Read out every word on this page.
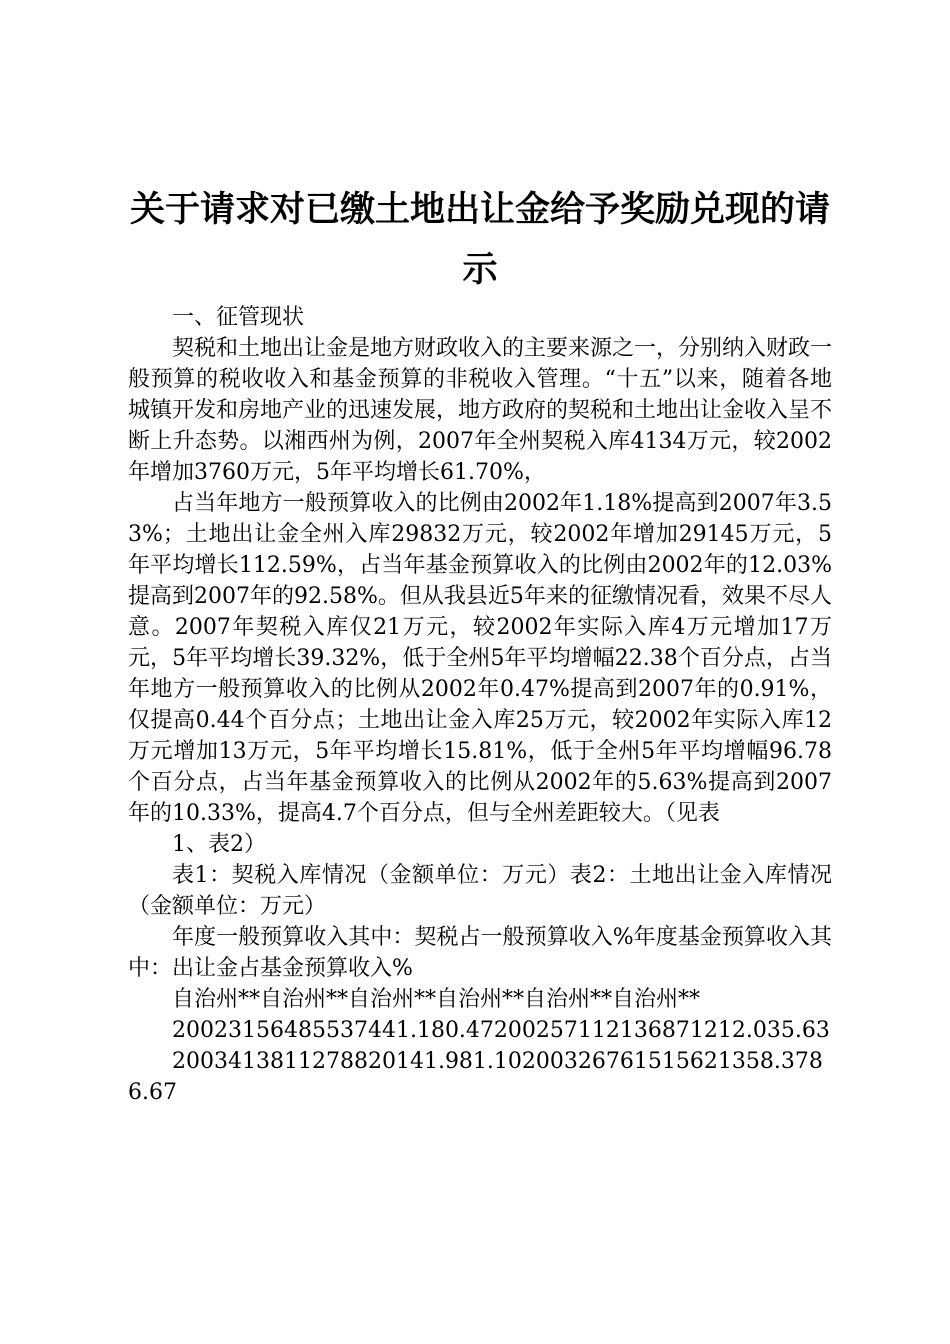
关于请求对已缴土地出让金给予奖励兑现的请
示

一、征管现状

契税和土地出让金是地方财政收入的主要来源之一，分别纳入财政一般预算的税收收入和基金预算的非税收入管理。“十五”以来，随着各地城镇开发和房地产业的迅速发展，地方政府的契税和土地出让金收入呈不断上升态势。以湘西州为例，2007年全州契税入库4134万元，较2002年增加3760万元，5年平均增长61.70%，

占当年地方一般预算收入的比例由2002年1.18%提高到2007年3.53%；土地出让金全州入库29832万元，较2002年增加29145万元，5年平均增长112.59%，占当年基金预算收入的比例由2002年的12.03%提高到2007年的92.58%。但从我县近5年来的征缴情况看，效果不尽人意。2007年契税入库仅21万元，较2002年实际入库4万元增加17万元，5年平均增长39.32%，低于全州5年平均增幅22.38个百分点，占当年地方一般预算收入的比例从2002年0.47%提高到2007年的0.91%，仅提高0.44个百分点；土地出让金入库25万元，较2002年实际入库12万元增加13万元，5年平均增长15.81%，低于全州5年平均增幅96.78个百分点，占当年基金预算收入的比例从2002年的5.63%提高到2007年的10.33%，提高4.7个百分点，但与全州差距较大。（见表

1、表2）

表1：契税入库情况（金额单位：万元）表2：土地出让金入库情况（金额单位：万元）

年度一般预算收入其中：契税占一般预算收入%年度基金预算收入其中：出让金占基金预算收入%

自治州**自治州**自治州**自治州**自治州**自治州**

20023156485537441.180.47200257112136871212.035.63

2003413811278820141.981.10200326761515621358.3786.67
